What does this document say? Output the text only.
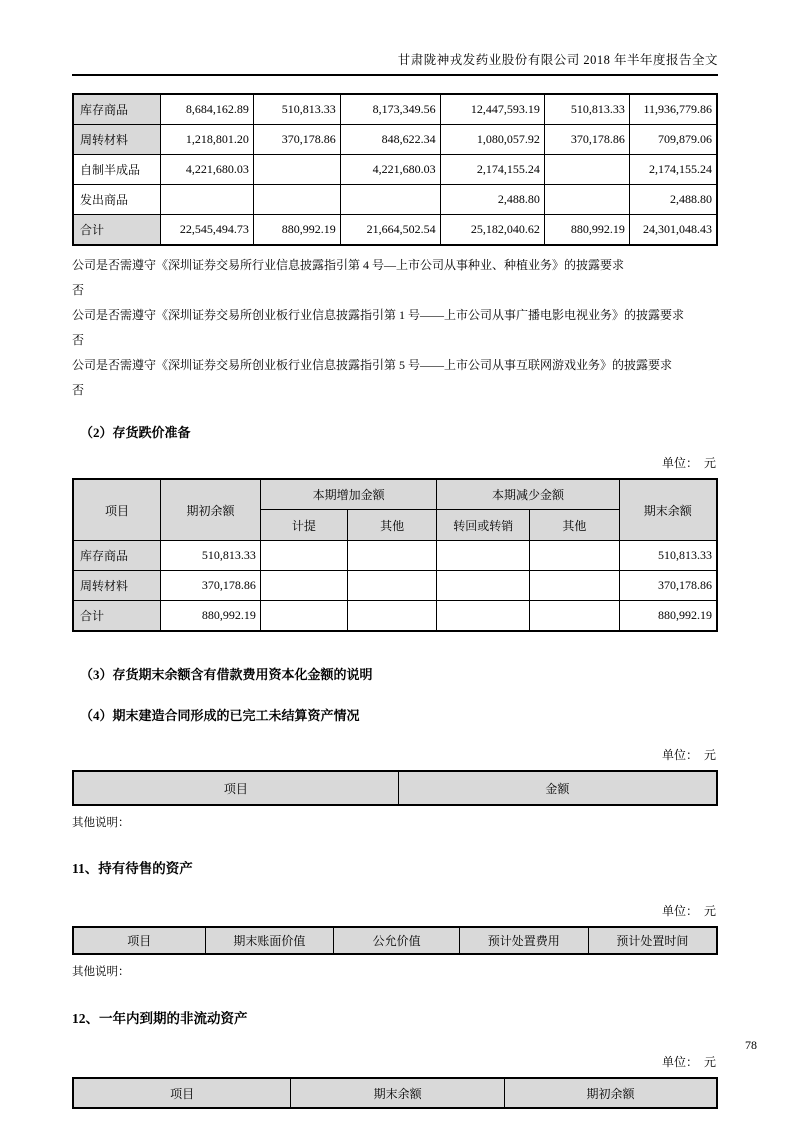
甘肃陇神戎发药业股份有限公司 2018 年半年度报告全文
库存商品	8,684,162.89	510,813.33	8,173,349.56	12,447,593.19	510,813.33	11,936,779.86
周转材料	1,218,801.20	370,178.86	848,622.34	1,080,057.92	370,178.86	709,879.06
自制半成品	4,221,680.03		4,221,680.03	2,174,155.24		2,174,155.24
发出商品				2,488.80		2,488.80
合计	22,545,494.73	880,992.19	21,664,502.54	25,182,040.62	880,992.19	24,301,048.43

公司是否需遵守《深圳证券交易所行业信息披露指引第 4 号—上市公司从事种业、种植业务》的披露要求

否

公司是否需遵守《深圳证券交易所创业板行业信息披露指引第 1 号——上市公司从事广播电影电视业务》的披露要求

否

公司是否需遵守《深圳证券交易所创业板行业信息披露指引第 5 号——上市公司从事互联网游戏业务》的披露要求

否

（2）存货跌价准备

单位：　元
项目	期初余额	本期增加金额		本期减少金额		期末余额
		计提	其他	转回或转销	其他	
库存商品	510,813.33					510,813.33
周转材料	370,178.86					370,178.86
合计	880,992.19					880,992.19

（3）存货期末余额含有借款费用资本化金额的说明

（4）期末建造合同形成的已完工未结算资产情况

单位：　元
项目	金额
其他说明：

11、持有待售的资产

单位：　元
项目	期末账面价值	公允价值	预计处置费用	预计处置时间
其他说明：

12、一年内到期的非流动资产

单位：　元
项目	期末余额	期初余额
78
